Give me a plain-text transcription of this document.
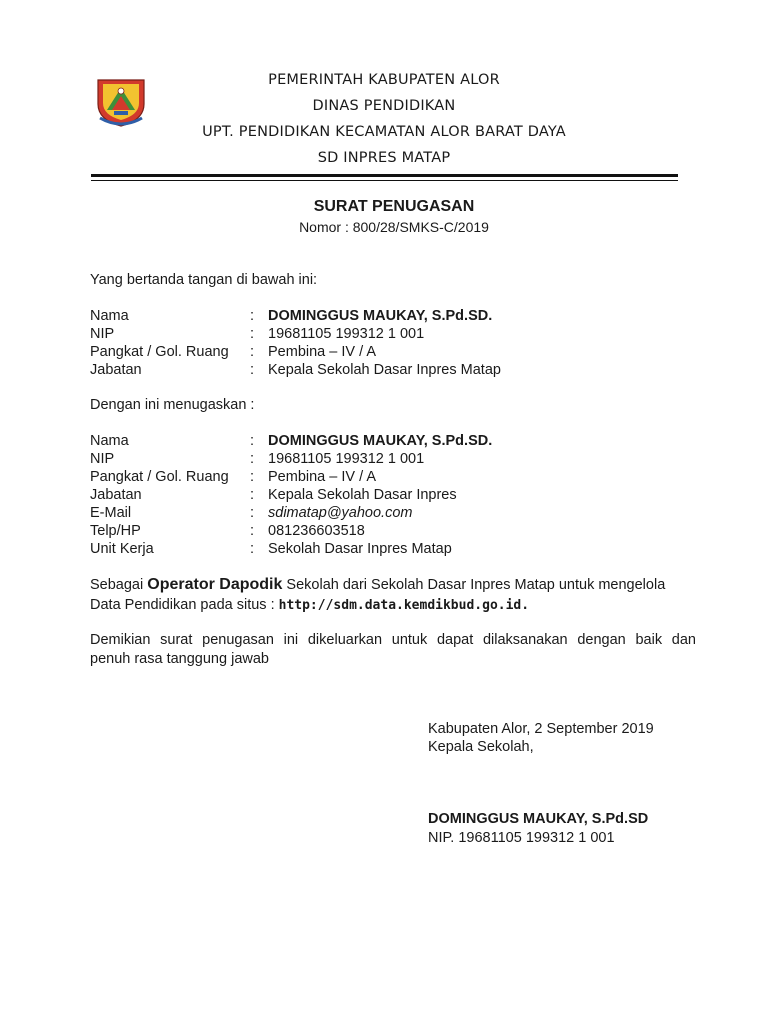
PEMERINTAH KABUPATEN ALOR
DINAS PENDIDIKAN
UPT. PENDIDIKAN KECAMATAN ALOR BARAT DAYA
SD INPRES MATAP
SURAT PENUGASAN
Nomor : 800/28/SMKS-C/2019
Yang bertanda tangan di bawah ini:
Nama	: DOMINGGUS MAUKAY, S.Pd.SD.
NIP	: 19681105 199312 1 001
Pangkat / Gol. Ruang : Pembina – IV / A
Jabatan	: Kepala Sekolah Dasar Inpres Matap
Dengan ini menugaskan :
Nama	: DOMINGGUS MAUKAY, S.Pd.SD.
NIP	: 19681105 199312 1 001
Pangkat / Gol. Ruang : Pembina – IV / A
Jabatan	: Kepala Sekolah Dasar Inpres
E-Mail	: sdimatap@yahoo.com
Telp/HP	: 081236603518
Unit Kerja	: Sekolah Dasar Inpres Matap
Sebagai Operator Dapodik Sekolah dari Sekolah Dasar Inpres Matap untuk mengelola
Data Pendidikan pada situs : http://sdm.data.kemdikbud.go.id.
Demikian surat penugasan ini dikeluarkan untuk dapat dilaksanakan dengan baik dan
penuh rasa tanggung jawab
Kabupaten Alor, 2 September 2019
Kepala Sekolah,
DOMINGGUS MAUKAY, S.Pd.SD
NIP. 19681105 199312 1 001
